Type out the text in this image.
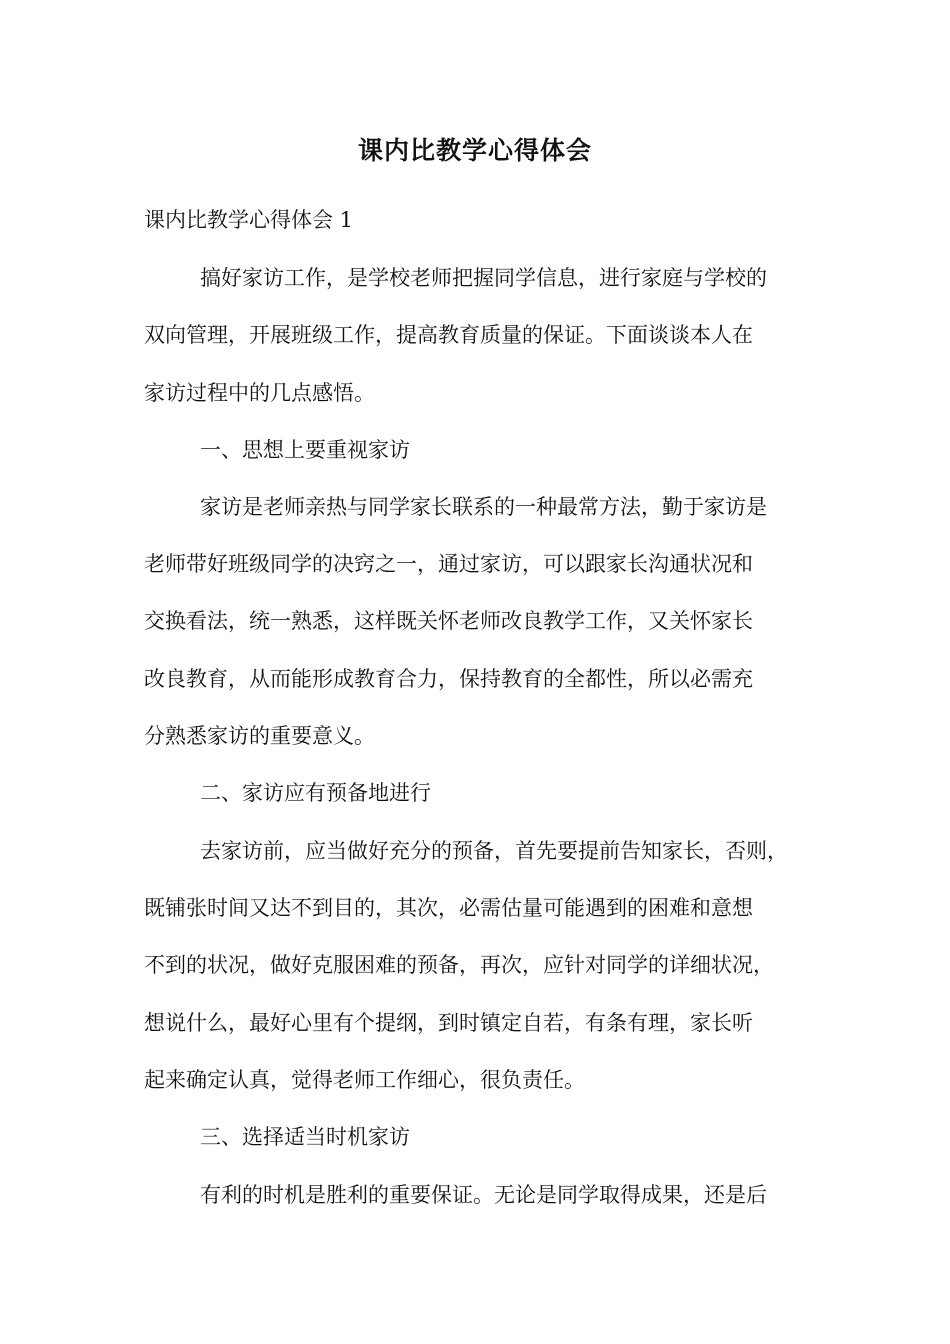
课内比教学心得体会
课内比教学心得体会 1
搞好家访工作，是学校老师把握同学信息，进行家庭与学校的
双向管理，开展班级工作，提高教育质量的保证。下面谈谈本人在
家访过程中的几点感悟。
一、思想上要重视家访
家访是老师亲热与同学家长联系的一种最常方法，勤于家访是
老师带好班级同学的决窍之一，通过家访，可以跟家长沟通状况和
交换看法，统一熟悉，这样既关怀老师改良教学工作，又关怀家长
改良教育，从而能形成教育合力，保持教育的全都性，所以必需充
分熟悉家访的重要意义。
二、家访应有预备地进行
去家访前，应当做好充分的预备，首先要提前告知家长，否则，
既铺张时间又达不到目的，其次，必需估量可能遇到的困难和意想
不到的状况，做好克服困难的预备，再次，应针对同学的详细状况，
想说什么，最好心里有个提纲，到时镇定自若，有条有理，家长听
起来确定认真，觉得老师工作细心，很负责任。
三、选择适当时机家访
有利的时机是胜利的重要保证。无论是同学取得成果，还是后
